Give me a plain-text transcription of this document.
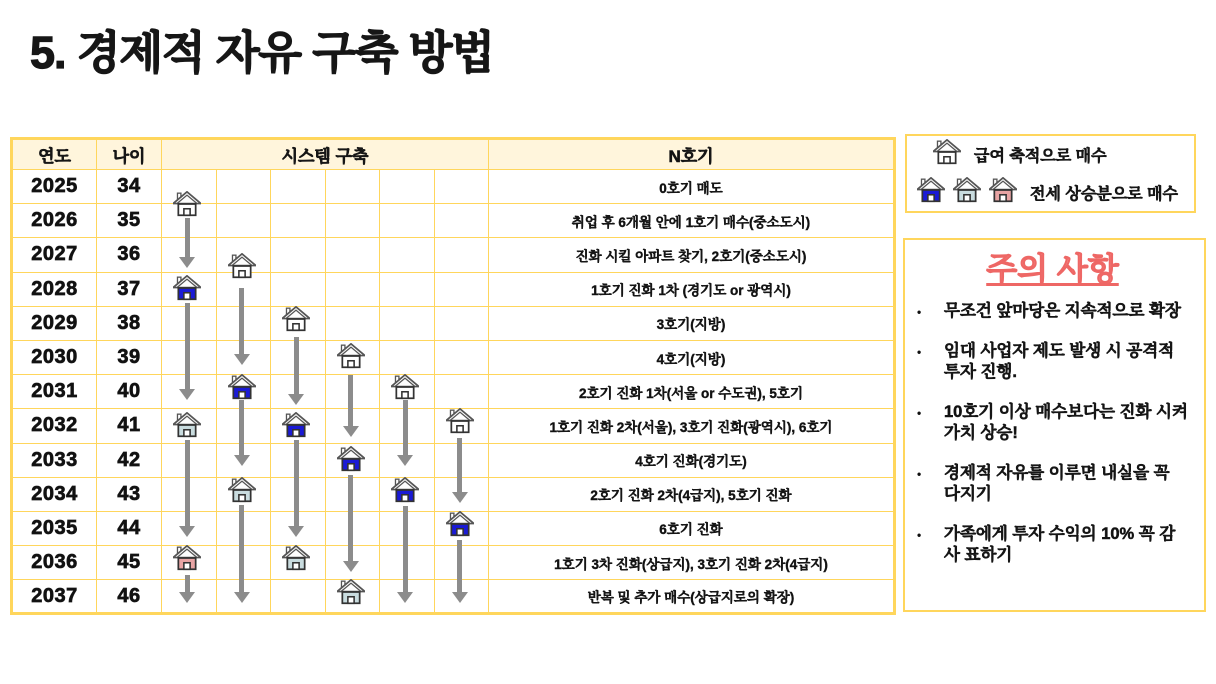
5. 경제적 자유 구축 방법
연도	나이	시스템 구축						N호기
2025	34							0호기 매도
2026	35							취업 후 6개월 안에 1호기 매수(중소도시)
2027	36							진화 시킬 아파트 찾기, 2호기(중소도시)
2028	37							1호기 진화 1차 (경기도 or 광역시)
2029	38							3호기(지방)
2030	39							4호기(지방)
2031	40							2호기 진화 1차(서울 or 수도권), 5호기
2032	41							1호기 진화 2차(서울), 3호기 진화(광역시), 6호기
2033	42							4호기 진화(경기도)
2034	43							2호기 진화 2차(4급지), 5호기 진화
2035	44							6호기 진화
2036	45							1호기 3차 진화(상급지), 3호기 진화 2차(4급지)
2037	46							반복 및 추가 매수(상급지로의 확장)
급여 축적으로 매수
전세 상승분으로 매수
주의 사항
•	무조건 앞마당은 지속적으로 확장
•	임대 사업자 제도 발생 시 공격적 투자 진행.
•	10호기 이상 매수보다는 진화 시켜 가치 상승!
•	경제적 자유를 이루면 내실을 꼭 다지기
•	가족에게 투자 수익의 10% 꼭 감사 표하기
